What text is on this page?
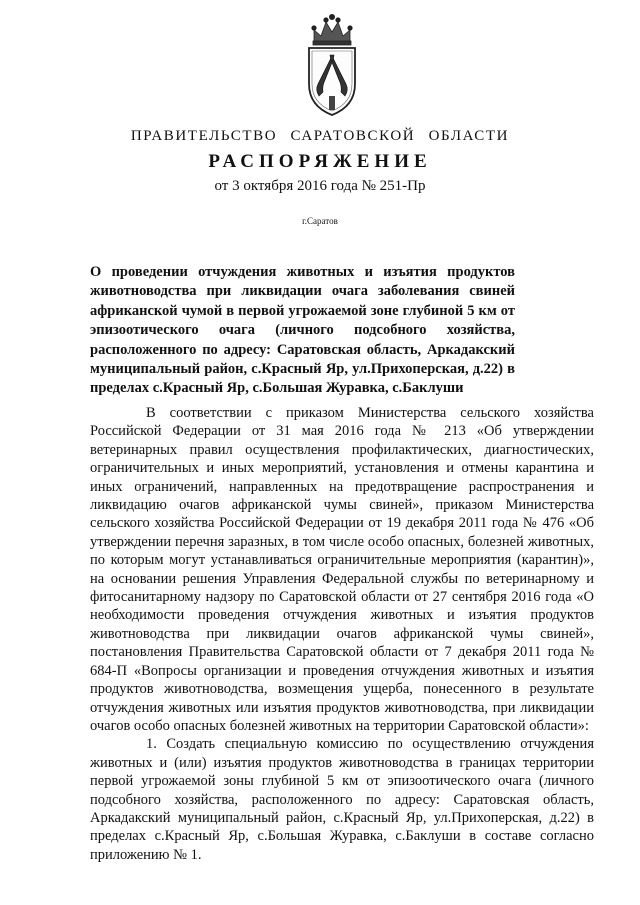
ПРАВИТЕЛЬСТВО САРАТОВСКОЙ ОБЛАСТИ
РАСПОРЯЖЕНИЕ
от 3 октября 2016 года № 251-Пр
г.Саратов
О проведении отчуждения животных и изъятия продуктов животноводства при ликвидации очага заболевания свиней африканской чумой в первой угрожаемой зоне глубиной 5 км от эпизоотического очага (личного подсобного хозяйства, расположенного по адресу: Саратовская область, Аркадакский муниципальный район, с.Красный Яр, ул.Прихоперская, д.22) в пределах с.Красный Яр, с.Большая Журавка, с.Баклуши

В соответствии с приказом Министерства сельского хозяйства Российской Федерации от 31 мая 2016 года № 213 «Об утверждении ветеринарных правил осуществления профилактических, диагностических, ограничительных и иных мероприятий, установления и отмены карантина и иных ограничений, направленных на предотвращение распространения и ликвидацию очагов африканской чумы свиней», приказом Министерства сельского хозяйства Российской Федерации от 19 декабря 2011 года № 476 «Об утверждении перечня заразных, в том числе особо опасных, болезней животных, по которым могут устанавливаться ограничительные мероприятия (карантин)», на основании решения Управления Федеральной службы по ветеринарному и фитосанитарному надзору по Саратовской области от 27 сентября 2016 года «О необходимости проведения отчуждения животных и изъятия продуктов животноводства при ликвидации очагов африканской чумы свиней», постановления Правительства Саратовской области от 7 декабря 2011 года № 684-П «Вопросы организации и проведения отчуждения животных и изъятия продуктов животноводства, возмещения ущерба, понесенного в результате отчуждения животных или изъятия продуктов животноводства, при ликвидации очагов особо опасных болезней животных на территории Саратовской области»:

1. Создать специальную комиссию по осуществлению отчуждения животных и (или) изъятия продуктов животноводства в границах территории первой угрожаемой зоны глубиной 5 км от эпизоотического очага (личного подсобного хозяйства, расположенного по адресу: Саратовская область, Аркадакский муниципальный район, с.Красный Яр, ул.Прихоперская, д.22) в пределах с.Красный Яр, с.Большая Журавка, с.Баклуши в составе согласно приложению № 1.
